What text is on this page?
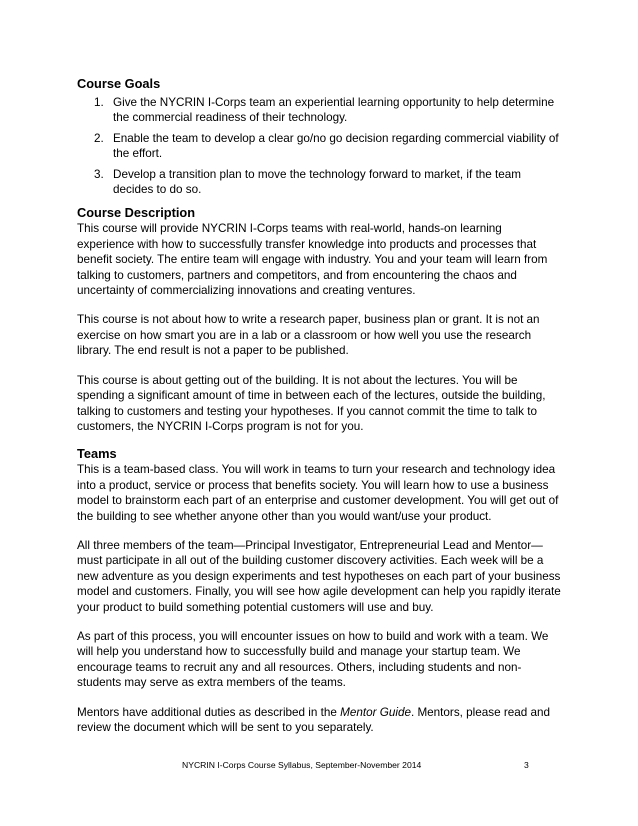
Course Goals
1. Give the NYCRIN I-Corps team an experiential learning opportunity to help determine the commercial readiness of their technology.
2. Enable the team to develop a clear go/no go decision regarding commercial viability of the effort.
3. Develop a transition plan to move the technology forward to market, if the team decides to do so.
Course Description

This course will provide NYCRIN I-Corps teams with real-world, hands-on learning experience with how to successfully transfer knowledge into products and processes that benefit society. The entire team will engage with industry. You and your team will learn from talking to customers, partners and competitors, and from encountering the chaos and uncertainty of commercializing innovations and creating ventures.

This course is not about how to write a research paper, business plan or grant. It is not an exercise on how smart you are in a lab or a classroom or how well you use the research library. The end result is not a paper to be published.

This course is about getting out of the building. It is not about the lectures. You will be spending a significant amount of time in between each of the lectures, outside the building, talking to customers and testing your hypotheses. If you cannot commit the time to talk to customers, the NYCRIN I-Corps program is not for you.

Teams

This is a team-based class. You will work in teams to turn your research and technology idea into a product, service or process that benefits society. You will learn how to use a business model to brainstorm each part of an enterprise and customer development. You will get out of the building to see whether anyone other than you would want/use your product.

All three members of the team—Principal Investigator, Entrepreneurial Lead and Mentor—must participate in all out of the building customer discovery activities. Each week will be a new adventure as you design experiments and test hypotheses on each part of your business model and customers. Finally, you will see how agile development can help you rapidly iterate your product to build something potential customers will use and buy.

As part of this process, you will encounter issues on how to build and work with a team. We will help you understand how to successfully build and manage your startup team. We encourage teams to recruit any and all resources. Others, including students and non-students may serve as extra members of the teams.

Mentors have additional duties as described in the Mentor Guide. Mentors, please read and review the document which will be sent to you separately.

NYCRIN I-Corps Course Syllabus, September-November 2014	3
